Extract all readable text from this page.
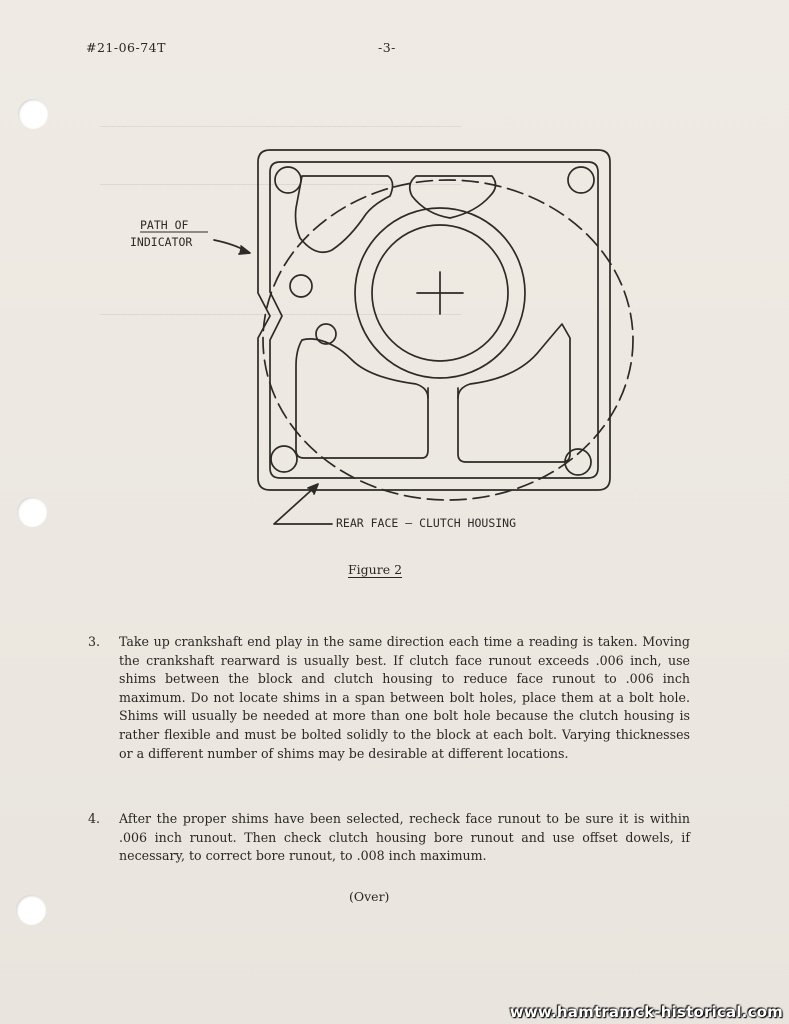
────────────────────────────────────────────────────────────
────────────────────────────────────────────────────────────
────────────────────────────────────────────────────────────
#21-06-74T	-3-
PATH OF
INDICATOR
REAR FACE – CLUTCH HOUSING
Figure 2
3. Take up crankshaft end play in the same direction each time a reading is taken. Moving the crankshaft rearward is usually best. If clutch face runout exceeds .006 inch, use shims between the block and clutch housing to reduce face runout to .006 inch maximum. Do not locate shims in a span between bolt holes, place them at a bolt hole. Shims will usually be needed at more than one bolt hole because the clutch housing is rather flexible and must be bolted solidly to the block at each bolt. Varying thicknesses or a different number of shims may be desirable at different locations.
4. After the proper shims have been selected, recheck face runout to be sure it is within .006 inch runout. Then check clutch housing bore runout and use offset dowels, if necessary, to correct bore runout, to .008 inch maximum.
(Over)
www.hamtramck-historical.com
